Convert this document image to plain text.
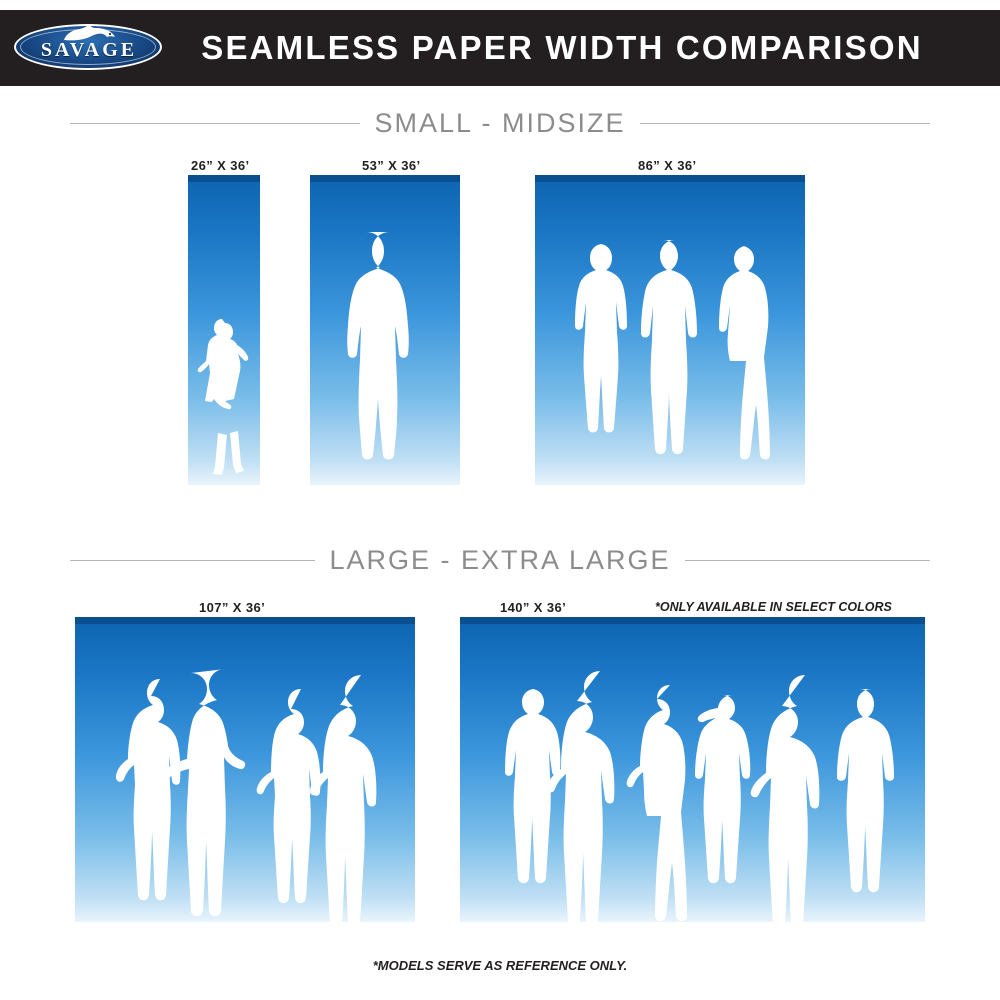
SAVAGE	SEAMLESS PAPER WIDTH COMPARISON
SMALL - MIDSIZE
26” X 36’	53” X 36’	86” X 36’
LARGE - EXTRA LARGE
107” X 36’	140” X 36’	*ONLY AVAILABLE IN SELECT COLORS
*MODELS SERVE AS REFERENCE ONLY.
